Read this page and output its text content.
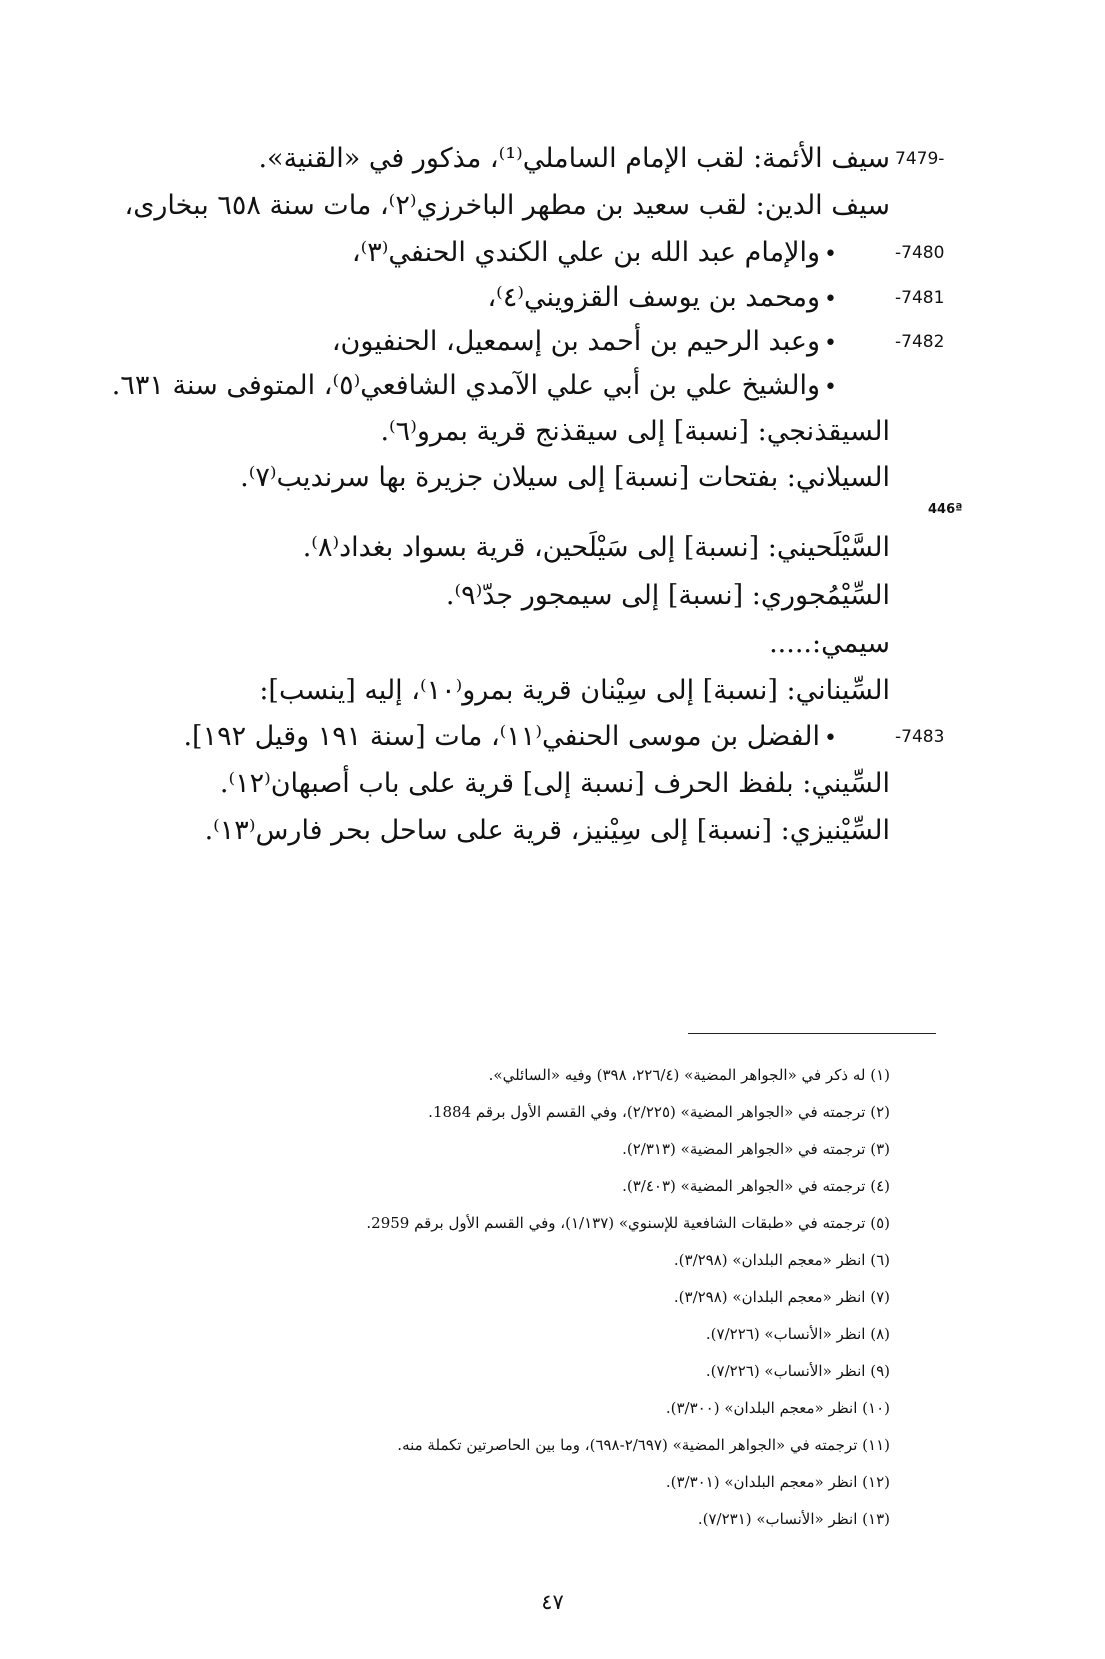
7479-
سيف الأئمة: لقب الإمام الساملي⁽¹⁾، مذكور في «القنية».
سيف الدين: لقب سعيد بن مطهر الباخرزي⁽٢⁾، مات سنة ٦٥٨ ببخارى،
-7480
•والإمام عبد الله بن علي الكندي الحنفي⁽٣⁾،
-7481
•ومحمد بن يوسف القزويني⁽٤⁾،
-7482
•وعبد الرحيم بن أحمد بن إسمعيل، الحنفيون،
•والشيخ علي بن أبي علي الآمدي الشافعي⁽٥⁾، المتوفى سنة ٦٣١.
السيقذنجي: [نسبة] إلى سيقذنج قرية بمرو⁽٦⁾.
السيلاني: بفتحات [نسبة] إلى سيلان جزيرة بها سرنديب⁽٧⁾.
446ª
السَّيْلَحيني: [نسبة] إلى سَيْلَحين، قرية بسواد بغداد⁽٨⁾.
السِّيْمُجوري: [نسبة] إلى سيمجور جدّ⁽٩⁾.
سيمي:.....
السِّيناني: [نسبة] إلى سِيْنان قرية بمرو⁽١٠⁾، إليه [ينسب]:
-7483
•الفضل بن موسى الحنفي⁽١١⁾، مات [سنة ١٩١ وقيل ١٩٢].
السِّيني: بلفظ الحرف [نسبة إلى] قرية على باب أصبهان⁽١٢⁾.
السِّيْنيزي: [نسبة] إلى سِيْنيز، قرية على ساحل بحر فارس⁽١٣⁾.
(١) له ذكر في «الجواهر المضية» (٢٢٦/٤، ٣٩٨) وفيه «السائلي».
(٢) ترجمته في «الجواهر المضية» (٢/٢٢٥)، وفي القسم الأول برقم 1884.
(٣) ترجمته في «الجواهر المضية» (٢/٣١٣).
(٤) ترجمته في «الجواهر المضية» (٣/٤٠٣).
(٥) ترجمته في «طبقات الشافعية للإسنوي» (١/١٣٧)، وفي القسم الأول برقم 2959.
(٦) انظر «معجم البلدان» (٣/٢٩٨).
(٧) انظر «معجم البلدان» (٣/٢٩٨).
(٨) انظر «الأنساب» (٧/٢٢٦).
(٩) انظر «الأنساب» (٧/٢٢٦).
(١٠) انظر «معجم البلدان» (٣/٣٠٠).
(١١) ترجمته في «الجواهر المضية» (٢/٦٩٧-٦٩٨)، وما بين الحاصرتين تكملة منه.
(١٢) انظر «معجم البلدان» (٣/٣٠١).
(١٣) انظر «الأنساب» (٧/٢٣١).
٤٧
